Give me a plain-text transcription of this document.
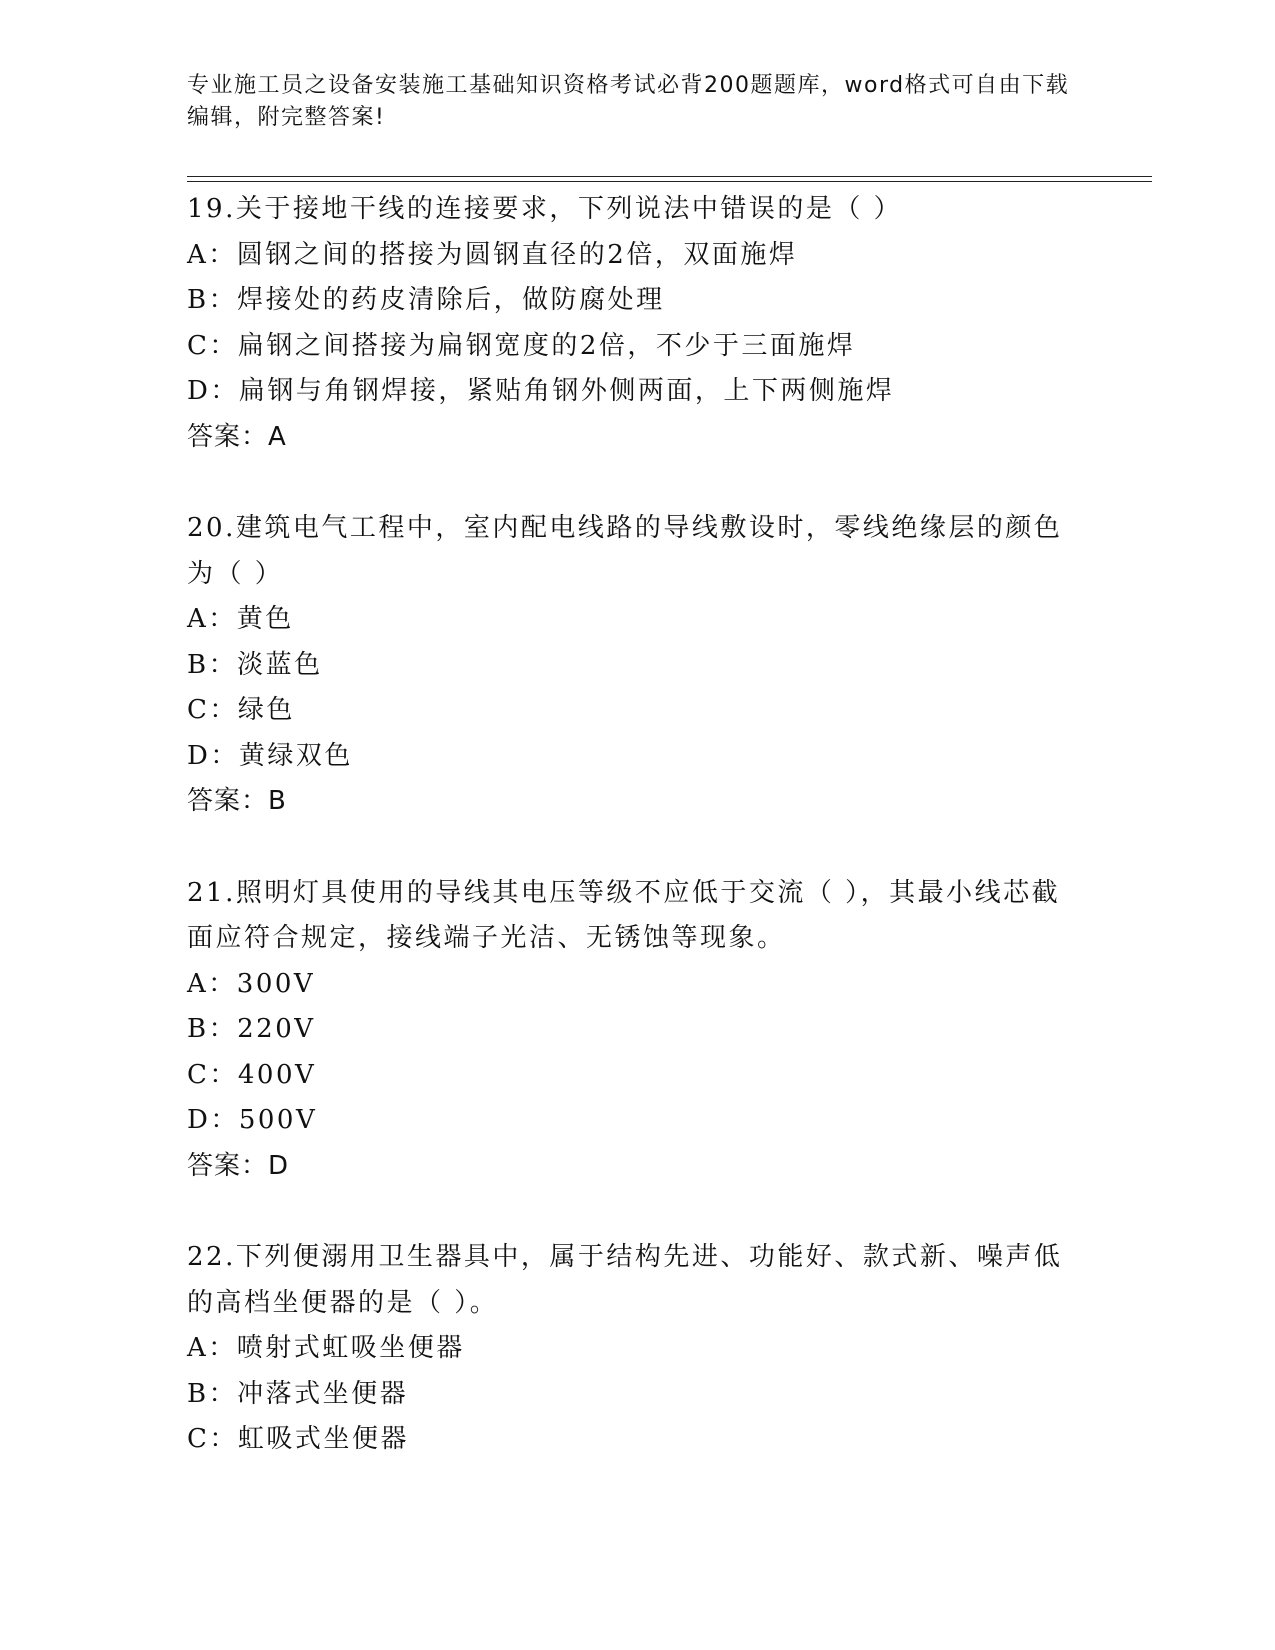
专业施工员之设备安装施工基础知识资格考试必背200题题库，word格式可自由下载编辑，附完整答案!

19.关于接地干线的连接要求，下列说法中错误的是（ ）

A：圆钢之间的搭接为圆钢直径的2倍，双面施焊

B：焊接处的药皮清除后，做防腐处理

C：扁钢之间搭接为扁钢宽度的2倍，不少于三面施焊

D：扁钢与角钢焊接，紧贴角钢外侧两面，上下两侧施焊

答案：A

20.建筑电气工程中，室内配电线路的导线敷设时，零线绝缘层的颜色为（ ）

A：黄色

B：淡蓝色

C：绿色

D：黄绿双色

答案：B

21.照明灯具使用的导线其电压等级不应低于交流（ ），其最小线芯截面应符合规定，接线端子光洁、无锈蚀等现象。

A：300V

B：220V

C：400V

D：500V

答案：D

22.下列便溺用卫生器具中，属于结构先进、功能好、款式新、噪声低的高档坐便器的是（ ）。

A：喷射式虹吸坐便器

B：冲落式坐便器

C：虹吸式坐便器
